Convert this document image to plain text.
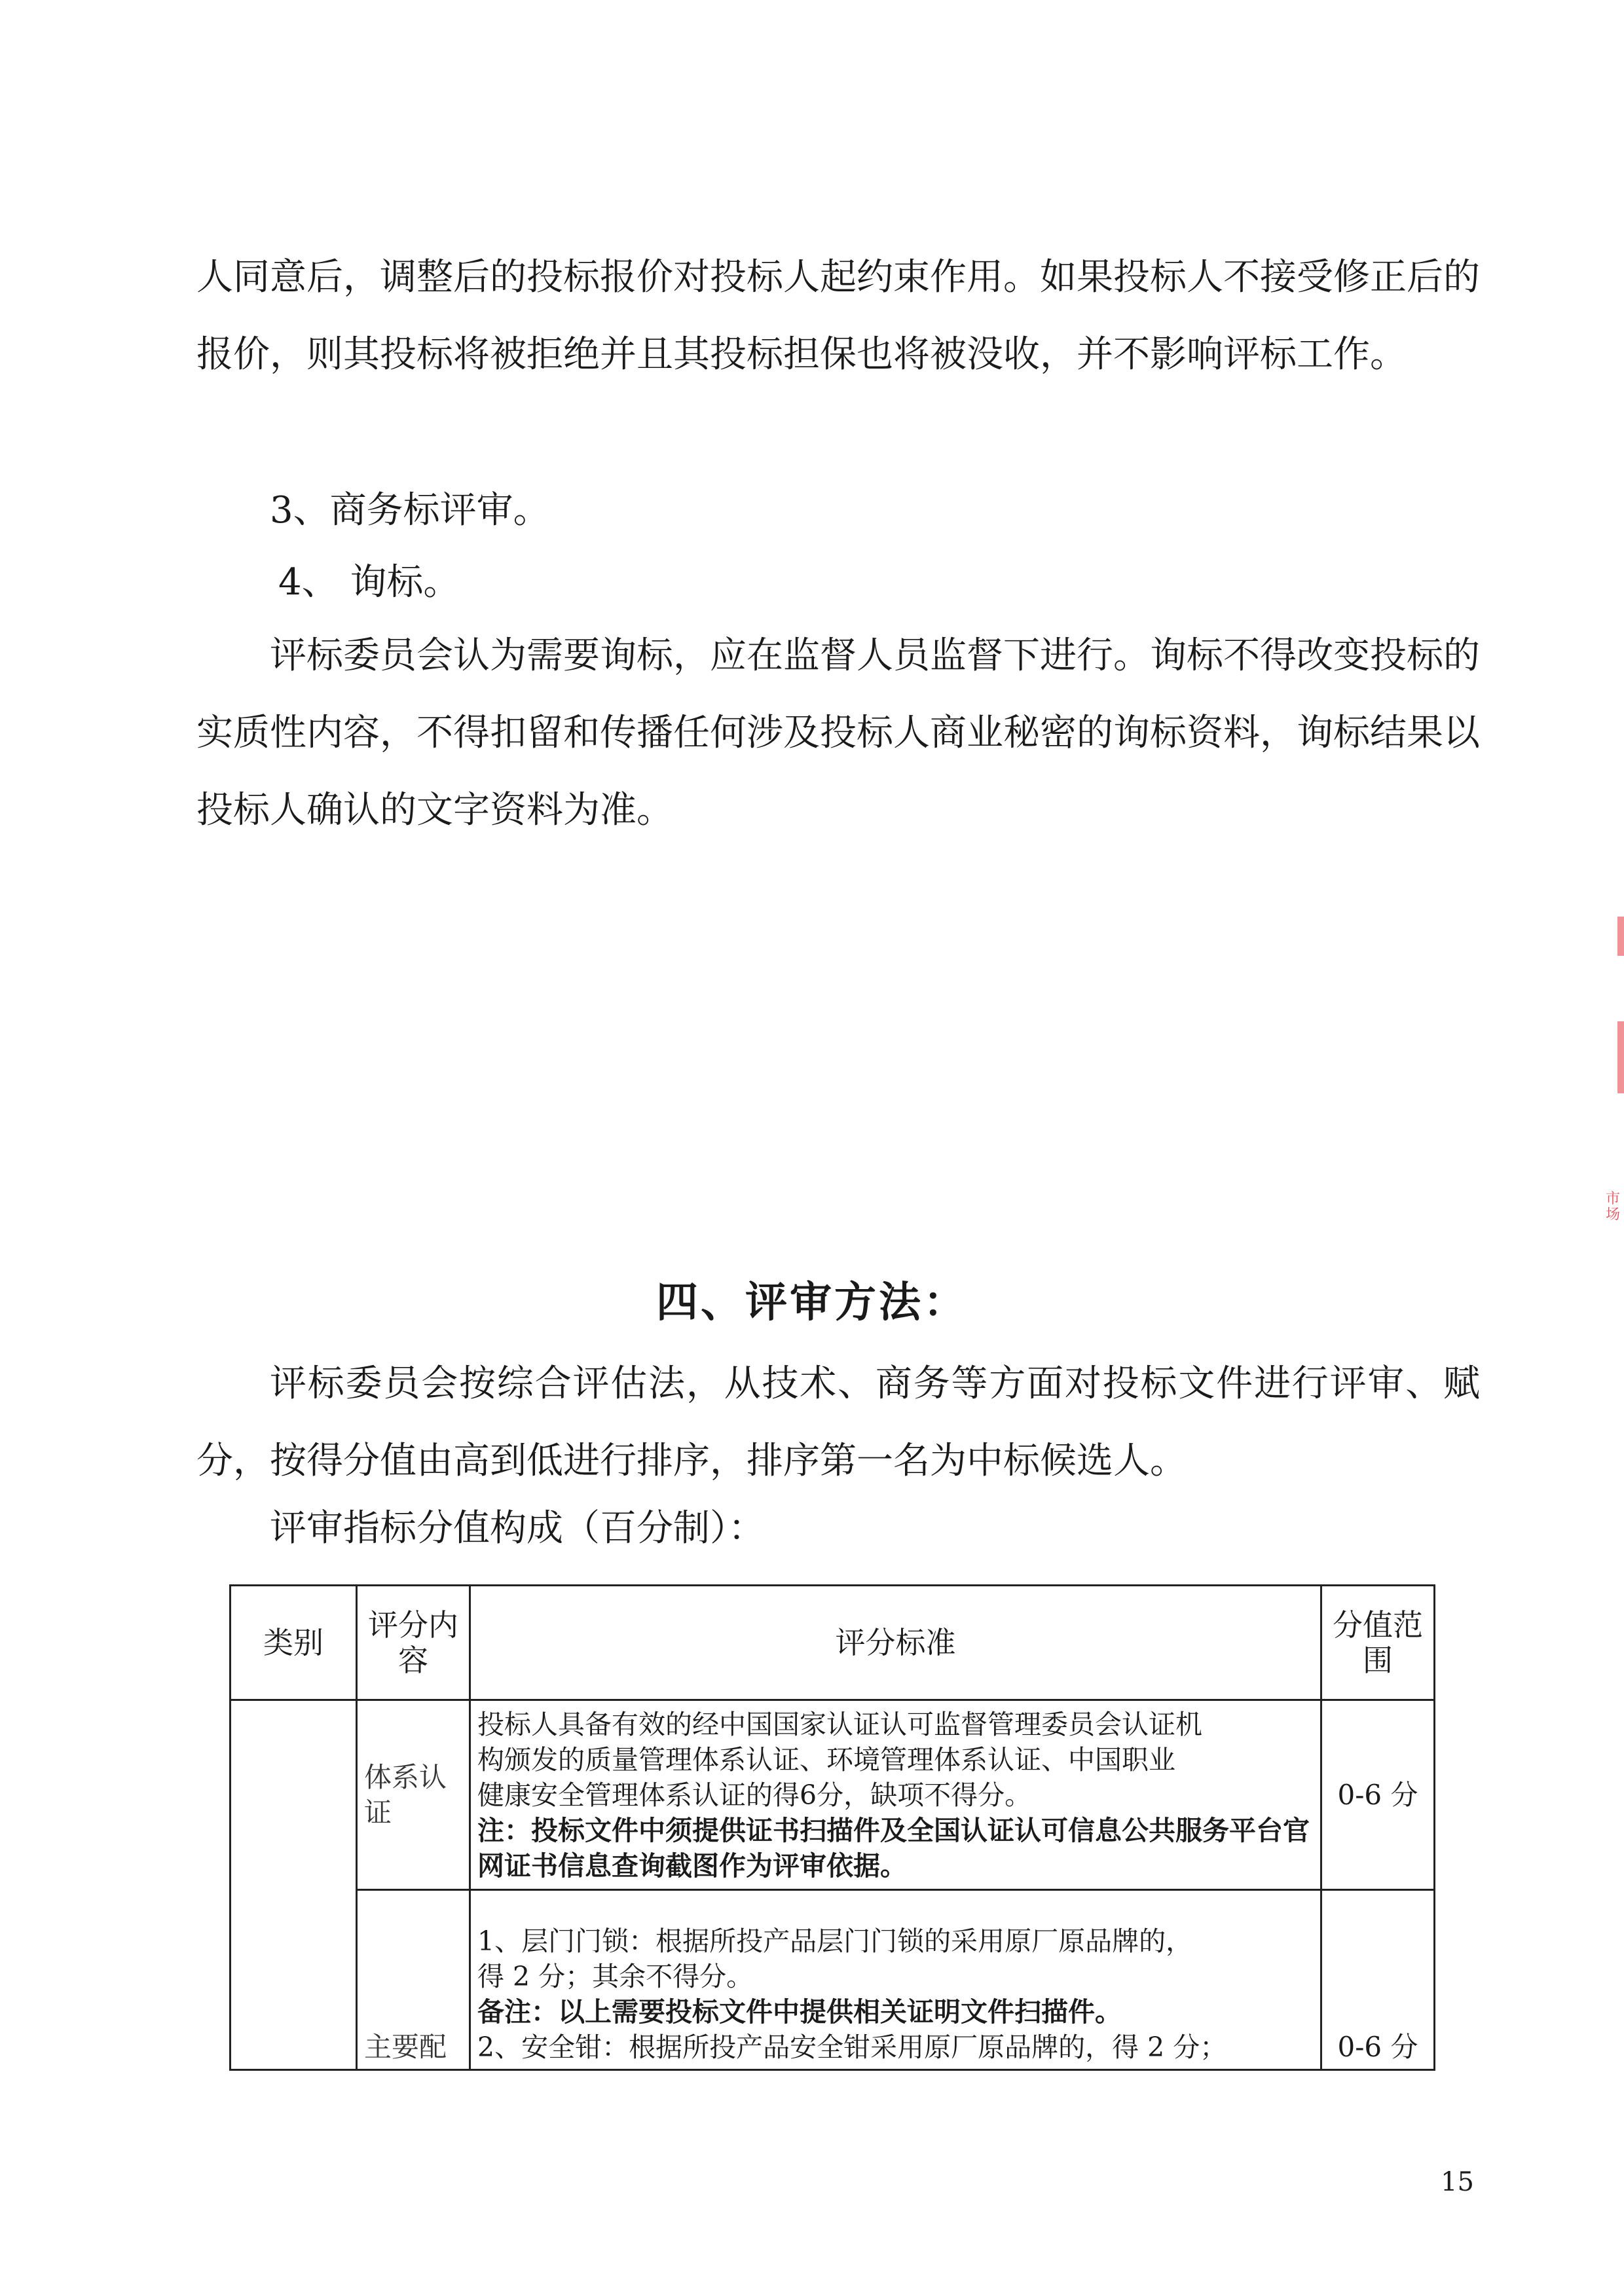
人同意后，调整后的投标报价对投标人起约束作用。如果投标人不接受修正后的报价，则其投标将被拒绝并且其投标担保也将被没收，并不影响评标工作。

3、商务标评审。
4、 询标。

评标委员会认为需要询标，应在监督人员监督下进行。询标不得改变投标的实质性内容，不得扣留和传播任何涉及投标人商业秘密的询标资料，询标结果以投标人确认的文字资料为准。

市场
四、评审方法：

评标委员会按综合评估法，从技术、商务等方面对投标文件进行评审、赋分，按得分值由高到低进行排序，排序第一名为中标候选人。

评审指标分值构成（百分制）：
类别	评分内容	评分标准	分值范围
	体系认证	投标人具备有效的经中国国家认证认可监督管理委员会认证机
构颁发的质量管理体系认证、环境管理体系认证、中国职业
健康安全管理体系认证的得6分，缺项不得分。
注：投标文件中须提供证书扫描件及全国认证认可信息公共服务平台官网证书信息查询截图作为评审依据。	0-6 分
	主要配	1、层门门锁：根据所投产品层门门锁的采用原厂原品牌的，
得 2 分；其余不得分。
备注：以上需要投标文件中提供相关证明文件扫描件。
2、安全钳：根据所投产品安全钳采用原厂原品牌的，得 2 分；	0-6 分
15
